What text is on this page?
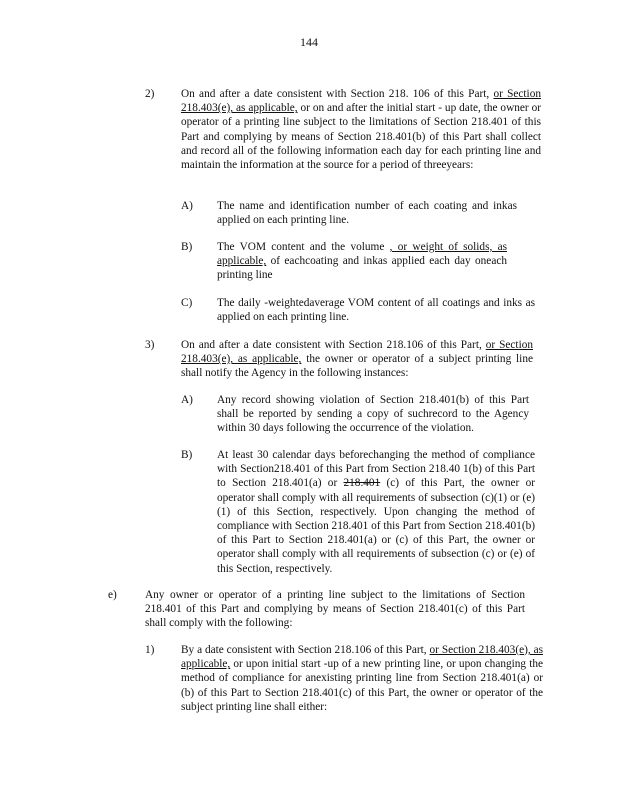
144
2) On and after a date consistent with Section 218. 106 of this Part, or Section 218.403(e), as applicable, or on and after the initial start - up date, the owner or operator of a printing line subject to the limitations of Section 218.401 of this Part and complying by means of Section 218.401(b) of this Part shall collect and record all of the following information each day for each printing line and maintain the information at the source for a period of threeyears:
A) The name and identification number of each coating and inkas applied on each printing line.
B) The VOM content and the volume , or weight of solids, as applicable, of eachcoating and inkas applied each day oneach printing line
C) The daily -weightedaverage VOM content of all coatings and inks as applied on each printing line.
3) On and after a date consistent with Section 218.106 of this Part, or Section 218.403(e), as applicable, the owner or operator of a subject printing line shall notify the Agency in the following instances:
A) Any record showing violation of Section 218.401(b) of this Part shall be reported by sending a copy of suchrecord to the Agency within 30 days following the occurrence of the violation.
B) At least 30 calendar days beforechanging the method of compliance with Section218.401 of this Part from Section 218.40 1(b) of this Part to Section 218.401(a) or 218.401 (c) of this Part, the owner or operator shall comply with all requirements of subsection (c)(1) or (e)(1) of this Section, respectively. Upon changing the method of compliance with Section 218.401 of this Part from Section 218.401(b) of this Part to Section 218.401(a) or (c) of this Part, the owner or operator shall comply with all requirements of subsection (c) or (e) of this Section, respectively.
e) Any owner or operator of a printing line subject to the limitations of Section 218.401 of this Part and complying by means of Section 218.401(c) of this Part shall comply with the following:
1) By a date consistent with Section 218.106 of this Part, or Section 218.403(e), as applicable, or upon initial start -up of a new printing line, or upon changing the method of compliance for anexisting printing line from Section 218.401(a) or (b) of this Part to Section 218.401(c) of this Part, the owner or operator of the subject printing line shall either:
